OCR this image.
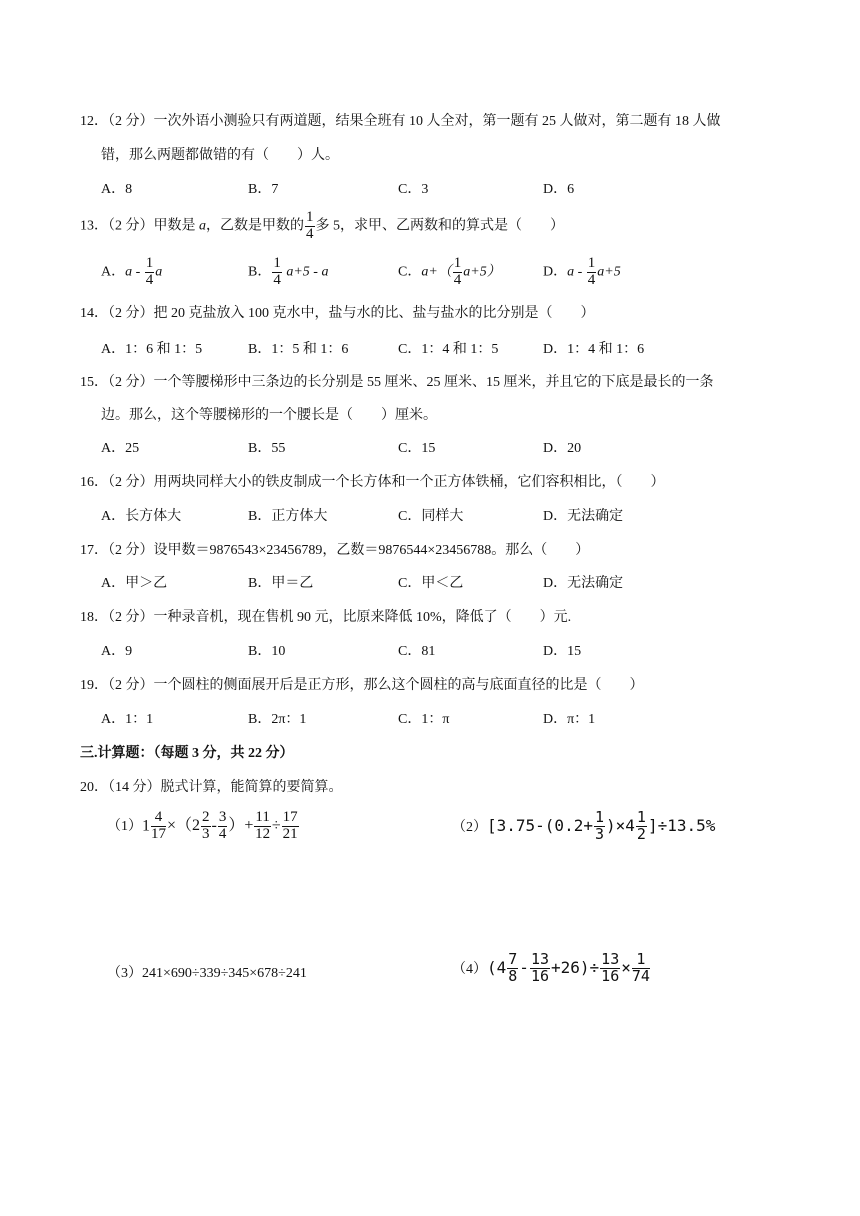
12．（2 分）一次外语小测验只有两道题，结果全班有 10 人全对，第一题有 25 人做对，第二题有 18 人做
错，那么两题都做错的有（　　）人。
A．8	B．7	C．3	D．6
13．（2 分）甲数是 a，乙数是甲数的 $\frac{1}{4}$ 多 5，求甲、乙两数和的算式是（　　）
A．a - $\frac{1}{4}$ a	B． $\frac{1}{4} a+5 - a$	C．$a+( \frac{1}{4} a+5)$	D．$a - \frac{1}{4} a+5$
14．（2 分）把 20 克盐放入 100 克水中，盐与水的比、盐与盐水的比分别是（　　）
A．1：6 和 1：5	B．1：5 和 1：6	C．1：4 和 1：5	D．1：4 和 1：6
15．（2 分）一个等腰梯形中三条边的长分别是 55 厘米、25 厘米、15 厘米，并且它的下底是最长的一条
边。那么，这个等腰梯形的一个腰长是（　　）厘米。
A．25	B．55	C．15	D．20
16．（2 分）用两块同样大小的铁皮制成一个长方体和一个正方体铁桶，它们容积相比，（　　）
A．长方体大	B．正方体大	C．同样大	D．无法确定
17．（2 分）设甲数＝9876543×23456789，乙数＝9876544×23456788。那么（　　）
A．甲＞乙	B．甲＝乙	C．甲＜乙	D．无法确定
18．（2 分）一种录音机，现在售机 90 元，比原来降低 10%，降低了（　　）元.
A．9	B．10	C．81	D．15
19．（2 分）一个圆柱的侧面展开后是正方形，那么这个圆柱的高与底面直径的比是（　　）
A．1：1	B．2π：1	C．1：π	D．π：1
三.计算题：（每题 3 分，共 22 分）
20．（14 分）脱式计算，能简算的要简算。
$(1)1 \frac{4}{17} \times(2 \frac{2}{3} - \frac{3}{4}$ ）+ $\frac{11}{12} \div \frac{17}{21}$	$(2)[3.75-(0.2+ \frac{1}{3} )\times 4 \frac{1}{2} ]\div 13.5\%$
（3）241×690÷339÷345×678÷241	$(4)(4 \frac{7}{8} - \frac{13}{16} +26)\div \frac{13}{16} \times \frac{1}{74}$
